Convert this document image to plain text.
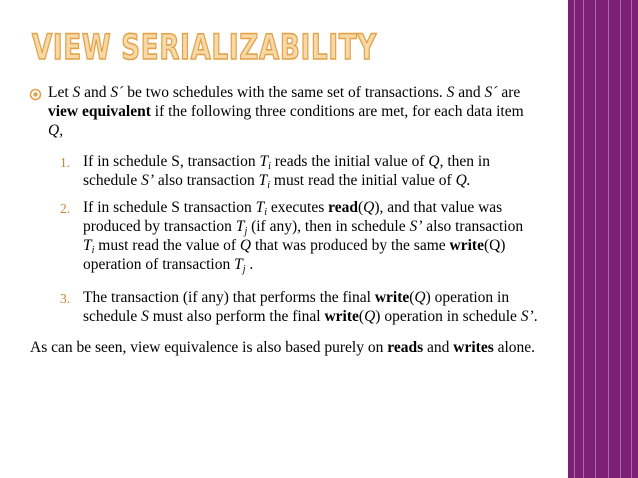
VIEW SERIALIZABILITY
Let S and S´ be two schedules with the same set of transactions. S and S´ are
view equivalent if the following three conditions are met, for each data item
Q,
1. If in schedule S, transaction $T_i$ reads the initial value of Q, then in
schedule S’ also transaction $T_i$ must read the initial value of Q.
2. If in schedule S transaction $T_i$ executes read(Q), and that value was
produced by transaction $T_j$ (if any), then in schedule S’ also transaction
$T_i$ must read the value of Q that was produced by the same write(Q)
operation of transaction $T_j$ .
3. The transaction (if any) that performs the final write(Q) operation in
schedule S must also perform the final write(Q) operation in schedule S’.
As can be seen, view equivalence is also based purely on reads and writes alone.
